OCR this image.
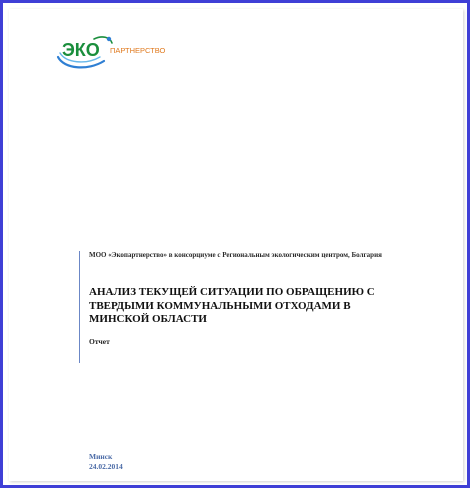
ЭКО ПАРТНЕРСТВО
МОО «Экопартнерство» в консорциуме с Региональным экологическим центром, Болгария
АНАЛИЗ ТЕКУЩЕЙ СИТУАЦИИ ПО ОБРАЩЕНИЮ С ТВЕРДЫМИ КОММУНАЛЬНЫМИ ОТХОДАМИ В МИНСКОЙ ОБЛАСТИ
Отчет
Минск
24.02.2014
